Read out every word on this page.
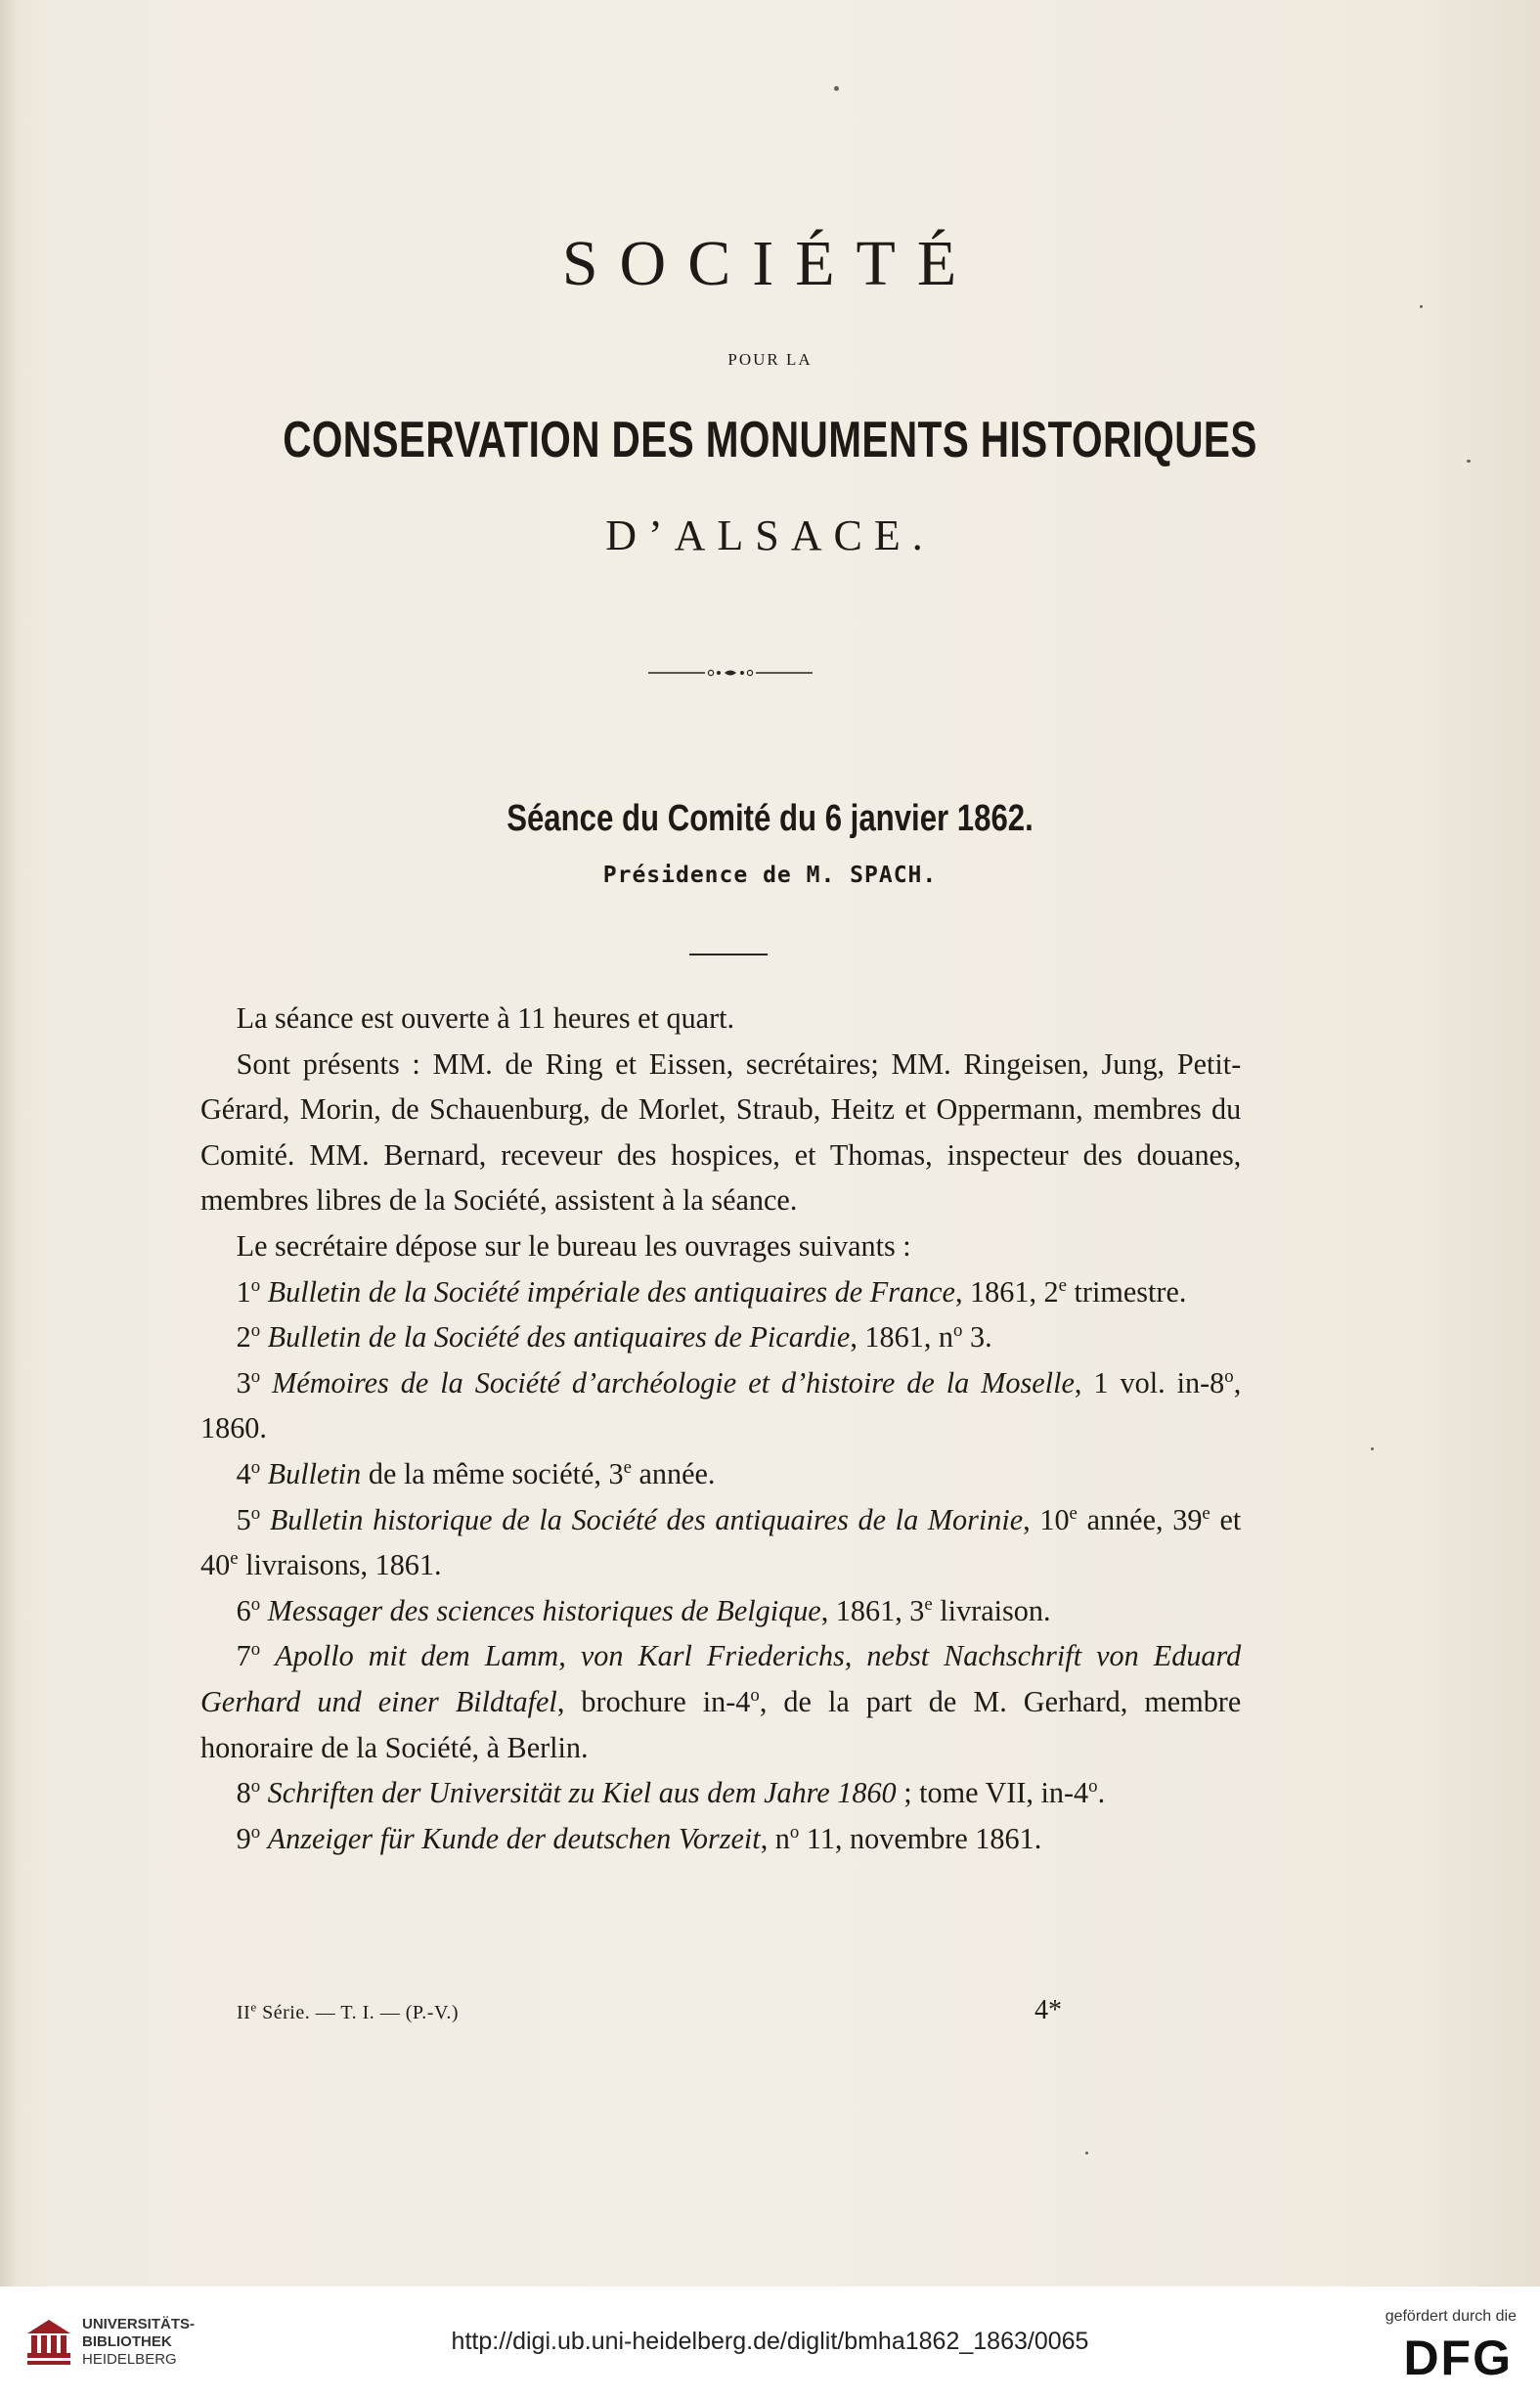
SOCIÉTÉ
POUR LA
CONSERVATION DES MONUMENTS HISTORIQUES
D’ALSACE.
Séance du Comité du 6 janvier 1862.
Présidence de M. SPACH.

La séance est ouverte à 11 heures et quart.

Sont présents : MM. de Ring et Eissen, secrétaires; MM. Ringeisen, Jung, Petit-Gérard, Morin, de Schauenburg, de Morlet, Straub, Heitz et Oppermann, membres du Comité. MM. Bernard, receveur des hospices, et Thomas, inspecteur des douanes, membres libres de la Société, assistent à la séance.

Le secrétaire dépose sur le bureau les ouvrages suivants :

1$^o$ Bulletin de la Société impériale des antiquaires de France, 1861, 2e trimestre.

2$^o$ Bulletin de la Société des antiquaires de Picardie, 1861, $n^o$ 3.

3$^o$ Mémoires de la Société d’archéologie et d’histoire de la Moselle, 1 vol. in-8$^o$, 1860.

4$^o$ Bulletin de la même société, 3e année.

5$^o$ Bulletin historique de la Société des antiquaires de la Morinie, 10e année, 39e et 40e livraisons, 1861.

6$^o$ Messager des sciences historiques de Belgique, 1861, 3e livraison.

7$^o$ Apollo mit dem Lamm, von Karl Friederichs, nebst Nachschrift von Eduard Gerhard und einer Bildtafel, brochure in-4$^o$, de la part de M. Gerhard, membre honoraire de la Société, à Berlin.

8$^o$ Schriften der Universität zu Kiel aus dem Jahre 1860 ; tome VII, in-4$^o$.

9$^o$ Anzeiger für Kunde der deutschen Vorzeit, $n^o$ 11, novembre 1861.

IIe Série. — T. I. — (P.-V.)	4*
UNIVERSITÄTS-
BIBLIOTHEK
HEIDELBERG
http://digi.ub.uni-heidelberg.de/diglit/bmha1862_1863/0065
gefördert durch die
DFG
